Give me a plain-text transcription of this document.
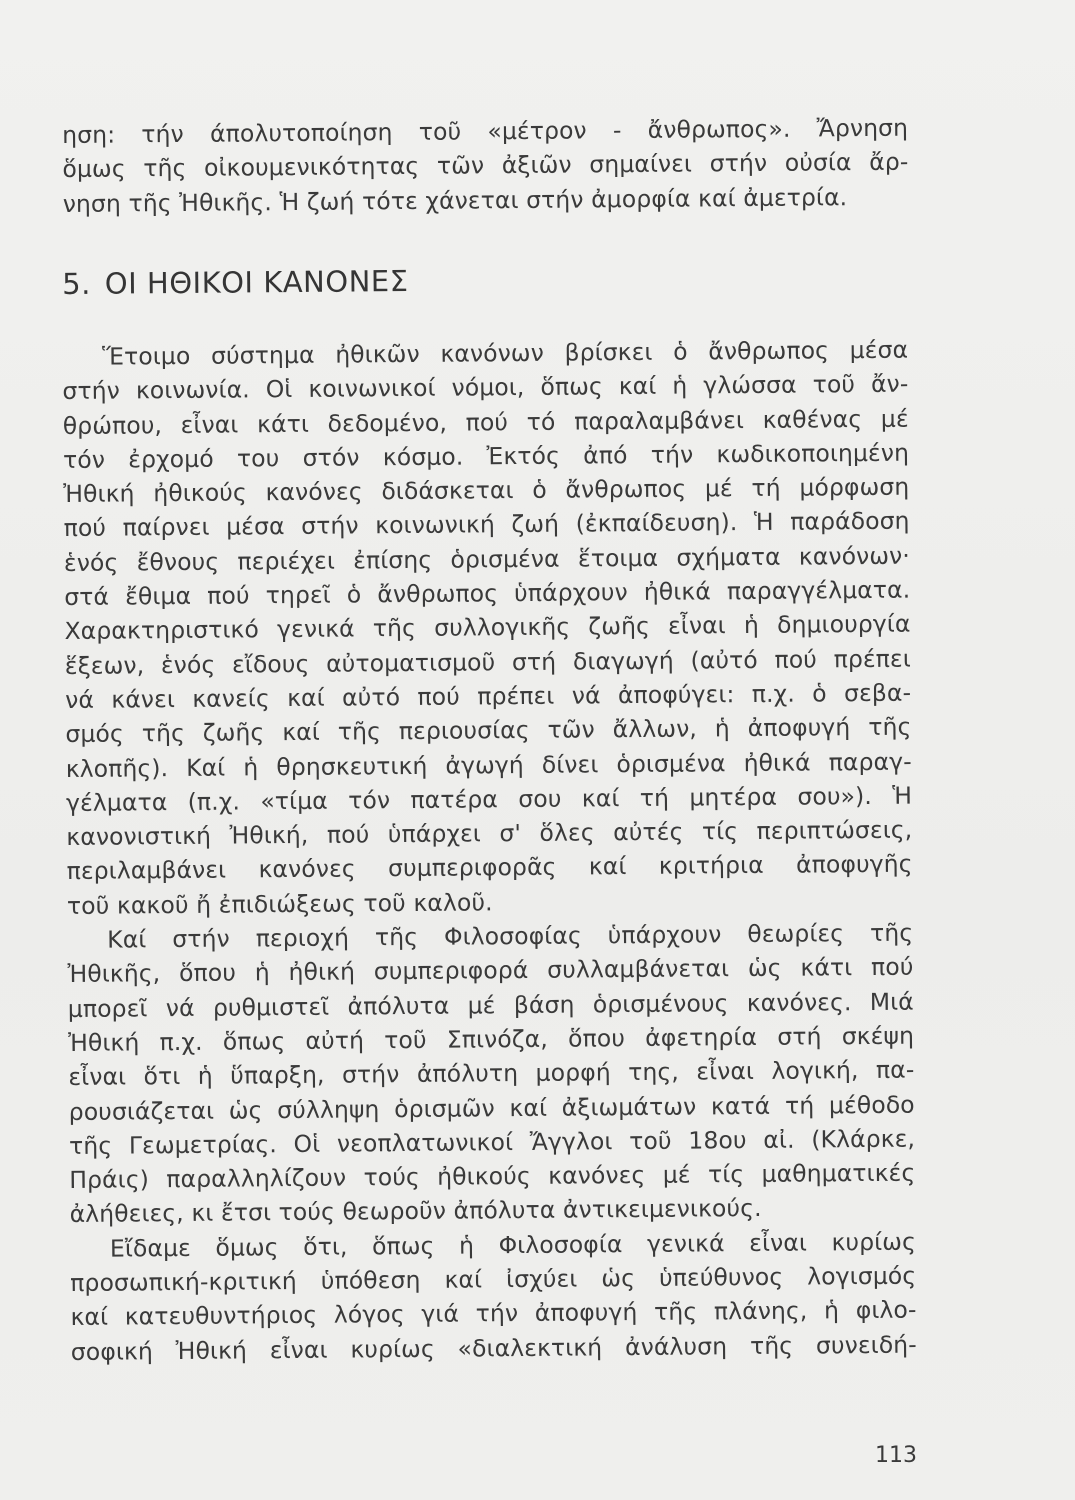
ηση: τήν άπολυτοποίηση τοῦ «μέτρον - ἄνθρωπος». Ἄρνηση
ὅμως τῆς οἰκουμενικότητας τῶν ἀξιῶν σημαίνει στήν οὐσία ἄρ-
νηση τῆς Ἠθικῆς. Ἡ ζωή τότε χάνεται στήν ἀμορφία καί ἀμετρία.
5. ΟΙ ΗΘΙΚΟΙ ΚΑΝΟΝΕΣ
Ἕτοιμο σύστημα ἠθικῶν κανόνων βρίσκει ὁ ἄνθρωπος μέσα
στήν κοινωνία. Οἱ κοινωνικοί νόμοι, ὅπως καί ἡ γλώσσα τοῦ ἄν-
θρώπου, εἶναι κάτι δεδομένο, πού τό παραλαμβάνει καθένας μέ
τόν ἐρχομό του στόν κόσμο. Ἐκτός ἀπό τήν κωδικοποιημένη
Ἠθική ἠθικούς κανόνες διδάσκεται ὁ ἄνθρωπος μέ τή μόρφωση
πού παίρνει μέσα στήν κοινωνική ζωή (ἐκπαίδευση). Ἡ παράδοση
ἑνός ἔθνους περιέχει ἐπίσης ὁρισμένα ἕτοιμα σχήματα κανόνων·
στά ἔθιμα πού τηρεῖ ὁ ἄνθρωπος ὑπάρχουν ἠθικά παραγγέλματα.
Χαρακτηριστικό γενικά τῆς συλλογικῆς ζωῆς εἶναι ἡ δημιουργία
ἕξεων, ἑνός εἴδους αὐτοματισμοῦ στή διαγωγή (αὐτό πού πρέπει
νά κάνει κανείς καί αὐτό πού πρέπει νά ἀποφύγει: π.χ. ὁ σεβα-
σμός τῆς ζωῆς καί τῆς περιουσίας τῶν ἄλλων, ἡ ἀποφυγή τῆς
κλοπῆς). Καί ἡ θρησκευτική ἀγωγή δίνει ὁρισμένα ἠθικά παραγ-
γέλματα (π.χ. «τίμα τόν πατέρα σου καί τή μητέρα σου»). Ἡ
κανονιστική Ἠθική, πού ὑπάρχει σ' ὅλες αὐτές τίς περιπτώσεις,
περιλαμβάνει κανόνες συμπεριφορᾶς καί κριτήρια ἀποφυγῆς
τοῦ κακοῦ ἤ ἐπιδιώξεως τοῦ καλοῦ.
Καί στήν περιοχή τῆς Φιλοσοφίας ὑπάρχουν θεωρίες τῆς
Ἠθικῆς, ὅπου ἡ ἠθική συμπεριφορά συλλαμβάνεται ὡς κάτι πού
μπορεῖ νά ρυθμιστεῖ ἀπόλυτα μέ βάση ὁρισμένους κανόνες. Μιά
Ἠθική π.χ. ὅπως αὐτή τοῦ Σπινόζα, ὅπου ἀφετηρία στή σκέψη
εἶναι ὅτι ἡ ὕπαρξη, στήν ἀπόλυτη μορφή της, εἶναι λογική, πα-
ρουσιάζεται ὡς σύλληψη ὁρισμῶν καί ἀξιωμάτων κατά τή μέθοδο
τῆς Γεωμετρίας. Οἱ νεοπλατωνικοί Ἄγγλοι τοῦ 18ου αἰ. (Κλάρκε,
Πράις) παραλληλίζουν τούς ἠθικούς κανόνες μέ τίς μαθηματικές
ἀλήθειες, κι ἔτσι τούς θεωροῦν ἀπόλυτα ἀντικειμενικούς.
Εἴδαμε ὅμως ὅτι, ὅπως ἡ Φιλοσοφία γενικά εἶναι κυρίως
προσωπική-κριτική ὑπόθεση καί ἰσχύει ὡς ὑπεύθυνος λογισμός
καί κατευθυντήριος λόγος γιά τήν ἀποφυγή τῆς πλάνης, ἡ φιλο-
σοφική Ἠθική εἶναι κυρίως «διαλεκτική ἀνάλυση τῆς συνειδή-
113
